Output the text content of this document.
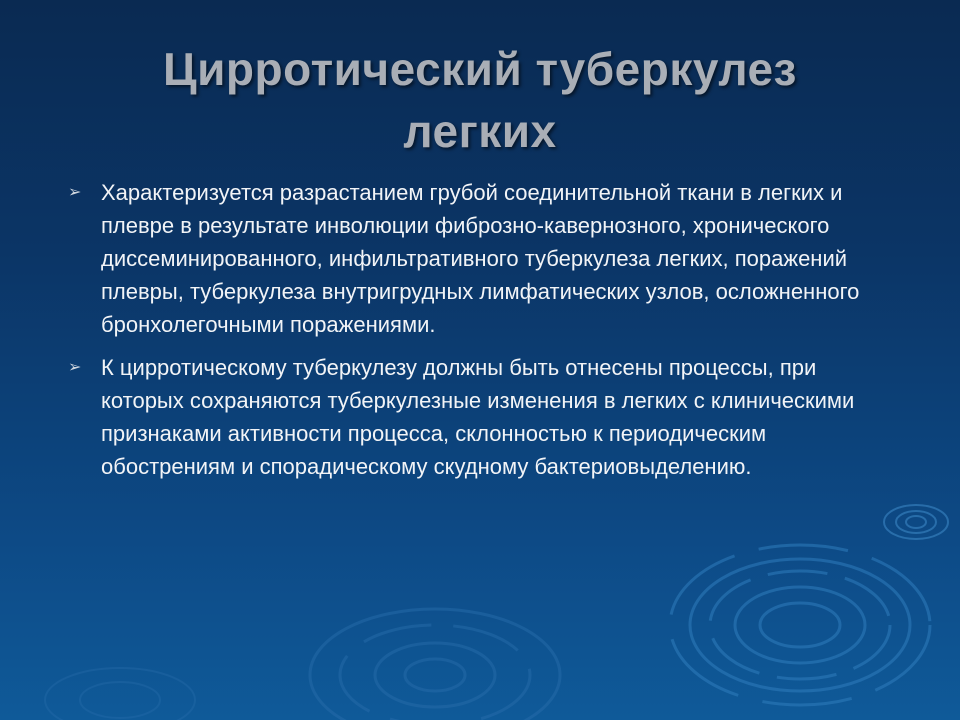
Цирротический туберкулез
легких
➢ Характеризуется разрастанием грубой соединительной ткани в легких и плевре в результате инволюции фиброзно-кавернозного, хронического диссеминированного, инфильтративного туберкулеза легких, поражений плевры, туберкулеза внутригрудных лимфатических узлов, осложненного бронхолегочными поражениями.
➢ К цирротическому туберкулезу должны быть отнесены процессы, при которых сохраняются туберкулезные изменения в легких с клиническими признаками активности процесса, склонностью к периодическим обострениям и спорадическому скудному бактериовыделению.
